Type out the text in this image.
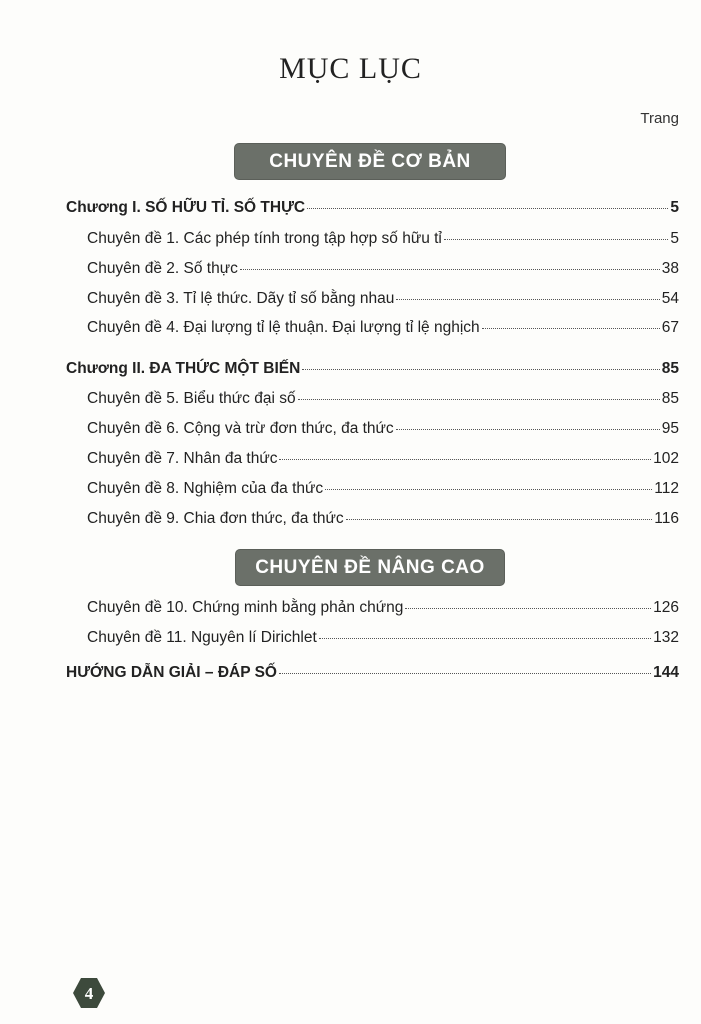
MỤC LỤC
Trang
CHUYÊN ĐỀ CƠ BẢN
Chương I. SỐ HỮU TỈ. SỐ THỰC	5
Chuyên đề 1. Các phép tính trong tập hợp số hữu tỉ	5
Chuyên đề 2. Số thực	38
Chuyên đề 3. Tỉ lệ thức. Dãy tỉ số bằng nhau	54
Chuyên đề 4. Đại lượng tỉ lệ thuận. Đại lượng tỉ lệ nghịch	67
Chương II. ĐA THỨC MỘT BIẾN	85
Chuyên đề 5. Biểu thức đại số	85
Chuyên đề 6. Cộng và trừ đơn thức, đa thức	95
Chuyên đề 7. Nhân đa thức	102
Chuyên đề 8. Nghiệm của đa thức	112
Chuyên đề 9. Chia đơn thức, đa thức	116
CHUYÊN ĐỀ NÂNG CAO
Chuyên đề 10. Chứng minh bằng phản chứng	126
Chuyên đề 11. Nguyên lí Dirichlet	132
HƯỚNG DẪN GIẢI – ĐÁP SỐ	144
4
